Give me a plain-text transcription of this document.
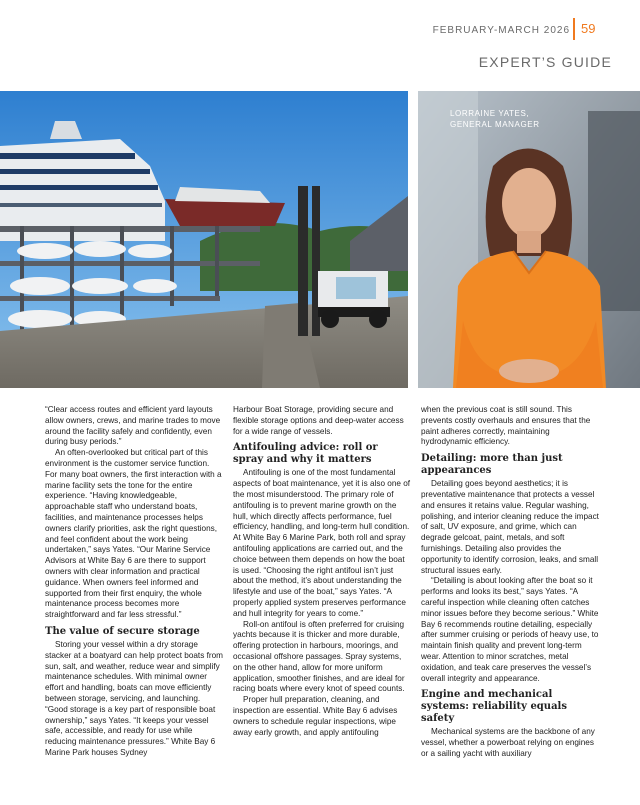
FEBRUARY-MARCH 2026 59
EXPERT’S GUIDE
LORRAINE YATES,
GENERAL MANAGER

“Clear access routes and efficient yard layouts allow owners, crews, and marine trades to move around the facility safely and confidently, even during busy periods.”

An often-overlooked but critical part of this environment is the customer service function. For many boat owners, the first interaction with a marine facility sets the tone for the entire experience. “Having knowledgeable, approachable staff who understand boats, facilities, and maintenance processes helps owners clarify priorities, ask the right questions, and feel confident about the work being undertaken,” says Yates. “Our Marine Service Advisors at White Bay 6 are there to support owners with clear information and practical guidance. When owners feel informed and supported from their first enquiry, the whole maintenance process becomes more straightforward and far less stressful.”

The value of secure storage

Storing your vessel within a dry storage stacker at a boatyard can help protect boats from sun, salt, and weather, reduce wear and simplify maintenance schedules. With minimal owner effort and handling, boats can move efficiently between storage, servicing, and launching. “Good storage is a key part of responsible boat ownership,” says Yates. “It keeps your vessel safe, accessible, and ready for use while reducing maintenance pressures.” White Bay 6 Marine Park houses Sydney

Harbour Boat Storage, providing secure and flexible storage options and deep-water access for a wide range of vessels.

Antifouling advice: roll or spray and why it matters

Antifouling is one of the most fundamental aspects of boat maintenance, yet it is also one of the most misunderstood. The primary role of antifouling is to prevent marine growth on the hull, which directly affects performance, fuel efficiency, handling, and long-term hull condition. At White Bay 6 Marine Park, both roll and spray antifouling applications are carried out, and the choice between them depends on how the boat is used. “Choosing the right antifoul isn’t just about the method, it’s about understanding the lifestyle and use of the boat,” says Yates. “A properly applied system preserves performance and hull integrity for years to come.”

Roll-on antifoul is often preferred for cruising yachts because it is thicker and more durable, offering protection in harbours, moorings, and occasional offshore passages. Spray systems, on the other hand, allow for more uniform application, smoother finishes, and are ideal for racing boats where every knot of speed counts.

Proper hull preparation, cleaning, and inspection are essential. White Bay 6 advises owners to schedule regular inspections, wipe away early growth, and apply antifouling

when the previous coat is still sound. This prevents costly overhauls and ensures that the paint adheres correctly, maintaining hydrodynamic efficiency.

Detailing: more than just appearances

Detailing goes beyond aesthetics; it is preventative maintenance that protects a vessel and ensures it retains value. Regular washing, polishing, and interior cleaning reduce the impact of salt, UV exposure, and grime, which can degrade gelcoat, paint, metals, and soft furnishings. Detailing also provides the opportunity to identify corrosion, leaks, and small structural issues early.

“Detailing is about looking after the boat so it performs and looks its best,” says Yates. “A careful inspection while cleaning often catches minor issues before they become serious.” White Bay 6 recommends routine detailing, especially after summer cruising or periods of heavy use, to maintain finish quality and prevent long-term wear. Attention to minor scratches, metal oxidation, and teak care preserves the vessel’s overall integrity and appearance.

Engine and mechanical systems: reliability equals safety

Mechanical systems are the backbone of any vessel, whether a powerboat relying on engines or a sailing yacht with auxiliary
